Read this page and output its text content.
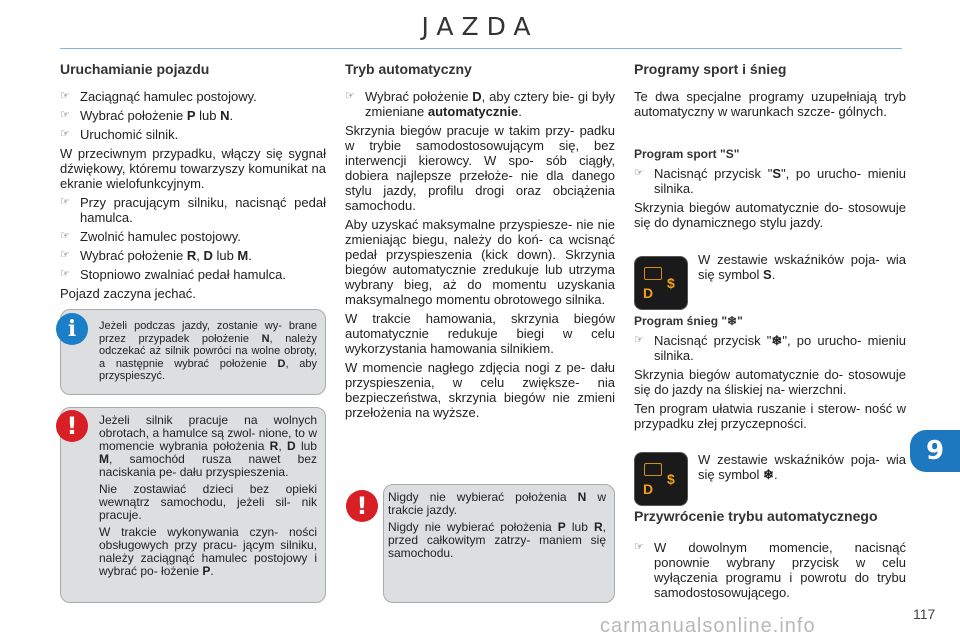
JAZDA
Uruchamianie pojazdu
☞ Zaciągnąć hamulec postojowy.
☞ Wybrać położenie P lub N.
☞ Uruchomić silnik.

W przeciwnym przypadku, włączy się sygnał dźwiękowy, któremu towarzyszy komunikat na ekranie wielofunkcyjnym.

☞ Przy pracującym silniku, nacisnąć pedał hamulca.
☞ Zwolnić hamulec postojowy.
☞ Wybrać położenie R, D lub M.
☞ Stopniowo zwalniać pedał hamulca.

Pojazd zaczyna jechać.

Jeżeli podczas jazdy, zostanie wy- brane przez przypadek położenie N, należy odczekać aż silnik powróci na wolne obroty, a następnie wybrać położenie D, aby przyspieszyć.

i

Jeżeli silnik pracuje na wolnych obrotach, a hamulce są zwol- nione, to w momencie wybrania położenia R, D lub M, samochód rusza nawet bez naciskania pe- dału przyspieszenia.

Nie zostawiać dzieci bez opieki wewnątrz samochodu, jeżeli sil- nik pracuje.

W trakcie wykonywania czyn- ności obsługowych przy pracu- jącym silniku, należy zaciągnąć hamulec postojowy i wybrać po- łożenie P.

!
Tryb automatyczny
☞ Wybrać położenie D, aby cztery bie- gi były zmieniane automatycznie.

Skrzynia biegów pracuje w takim przy- padku w trybie samodostosowującym się, bez interwencji kierowcy. W spo- sób ciągły, dobiera najlepsze przełoże- nie dla danego stylu jazdy, profilu drogi oraz obciążenia samochodu.

Aby uzyskać maksymalne przyspiesze- nie nie zmieniając biegu, należy do koń- ca wcisnąć pedał przyspieszenia (kick down). Skrzynia biegów automatycznie zredukuje lub utrzyma wybrany bieg, aż do momentu uzyskania maksymalnego momentu obrotowego silnika.

W trakcie hamowania, skrzynia biegów automatycznie redukuje biegi w celu wykorzystania hamowania silnikiem.

W momencie nagłego zdjęcia nogi z pe- dału przyspieszenia, w celu zwiększe- nia bezpieczeństwa, skrzynia biegów nie zmieni przełożenia na wyższe.

Nigdy nie wybierać położenia N w trakcie jazdy.

Nigdy nie wybierać położenia P lub R, przed całkowitym zatrzy- maniem się samochodu.

!
Programy sport i śnieg

Te dwa specjalne programy uzupełniają tryb automatyczny w warunkach szcze- gólnych.

Program sport "S"
☞ Nacisnąć przycisk "S", po urucho- mieniu silnika.

Skrzynia biegów automatycznie do- stosowuje się do dynamicznego stylu jazdy.

Program śnieg "❄"
☞ Nacisnąć przycisk "❄", po urucho- mieniu silnika.

Skrzynia biegów automatycznie do- stosowuje się do jazdy na śliskiej na- wierzchni.

Ten program ułatwia ruszanie i sterow- ność w przypadku złej przyczepności.

Przywrócenie trybu automatycznego
☞ W dowolnym momencie, nacisnąć ponownie wybrany przycisk w celu wyłączenia programu i powrotu do trybu samodostosowującego.
D
$
W zestawie wskaźników poja- wia się symbol S.
D
$
W zestawie wskaźników poja- wia się symbol ❄.
9
117
carmanualsonline.info
